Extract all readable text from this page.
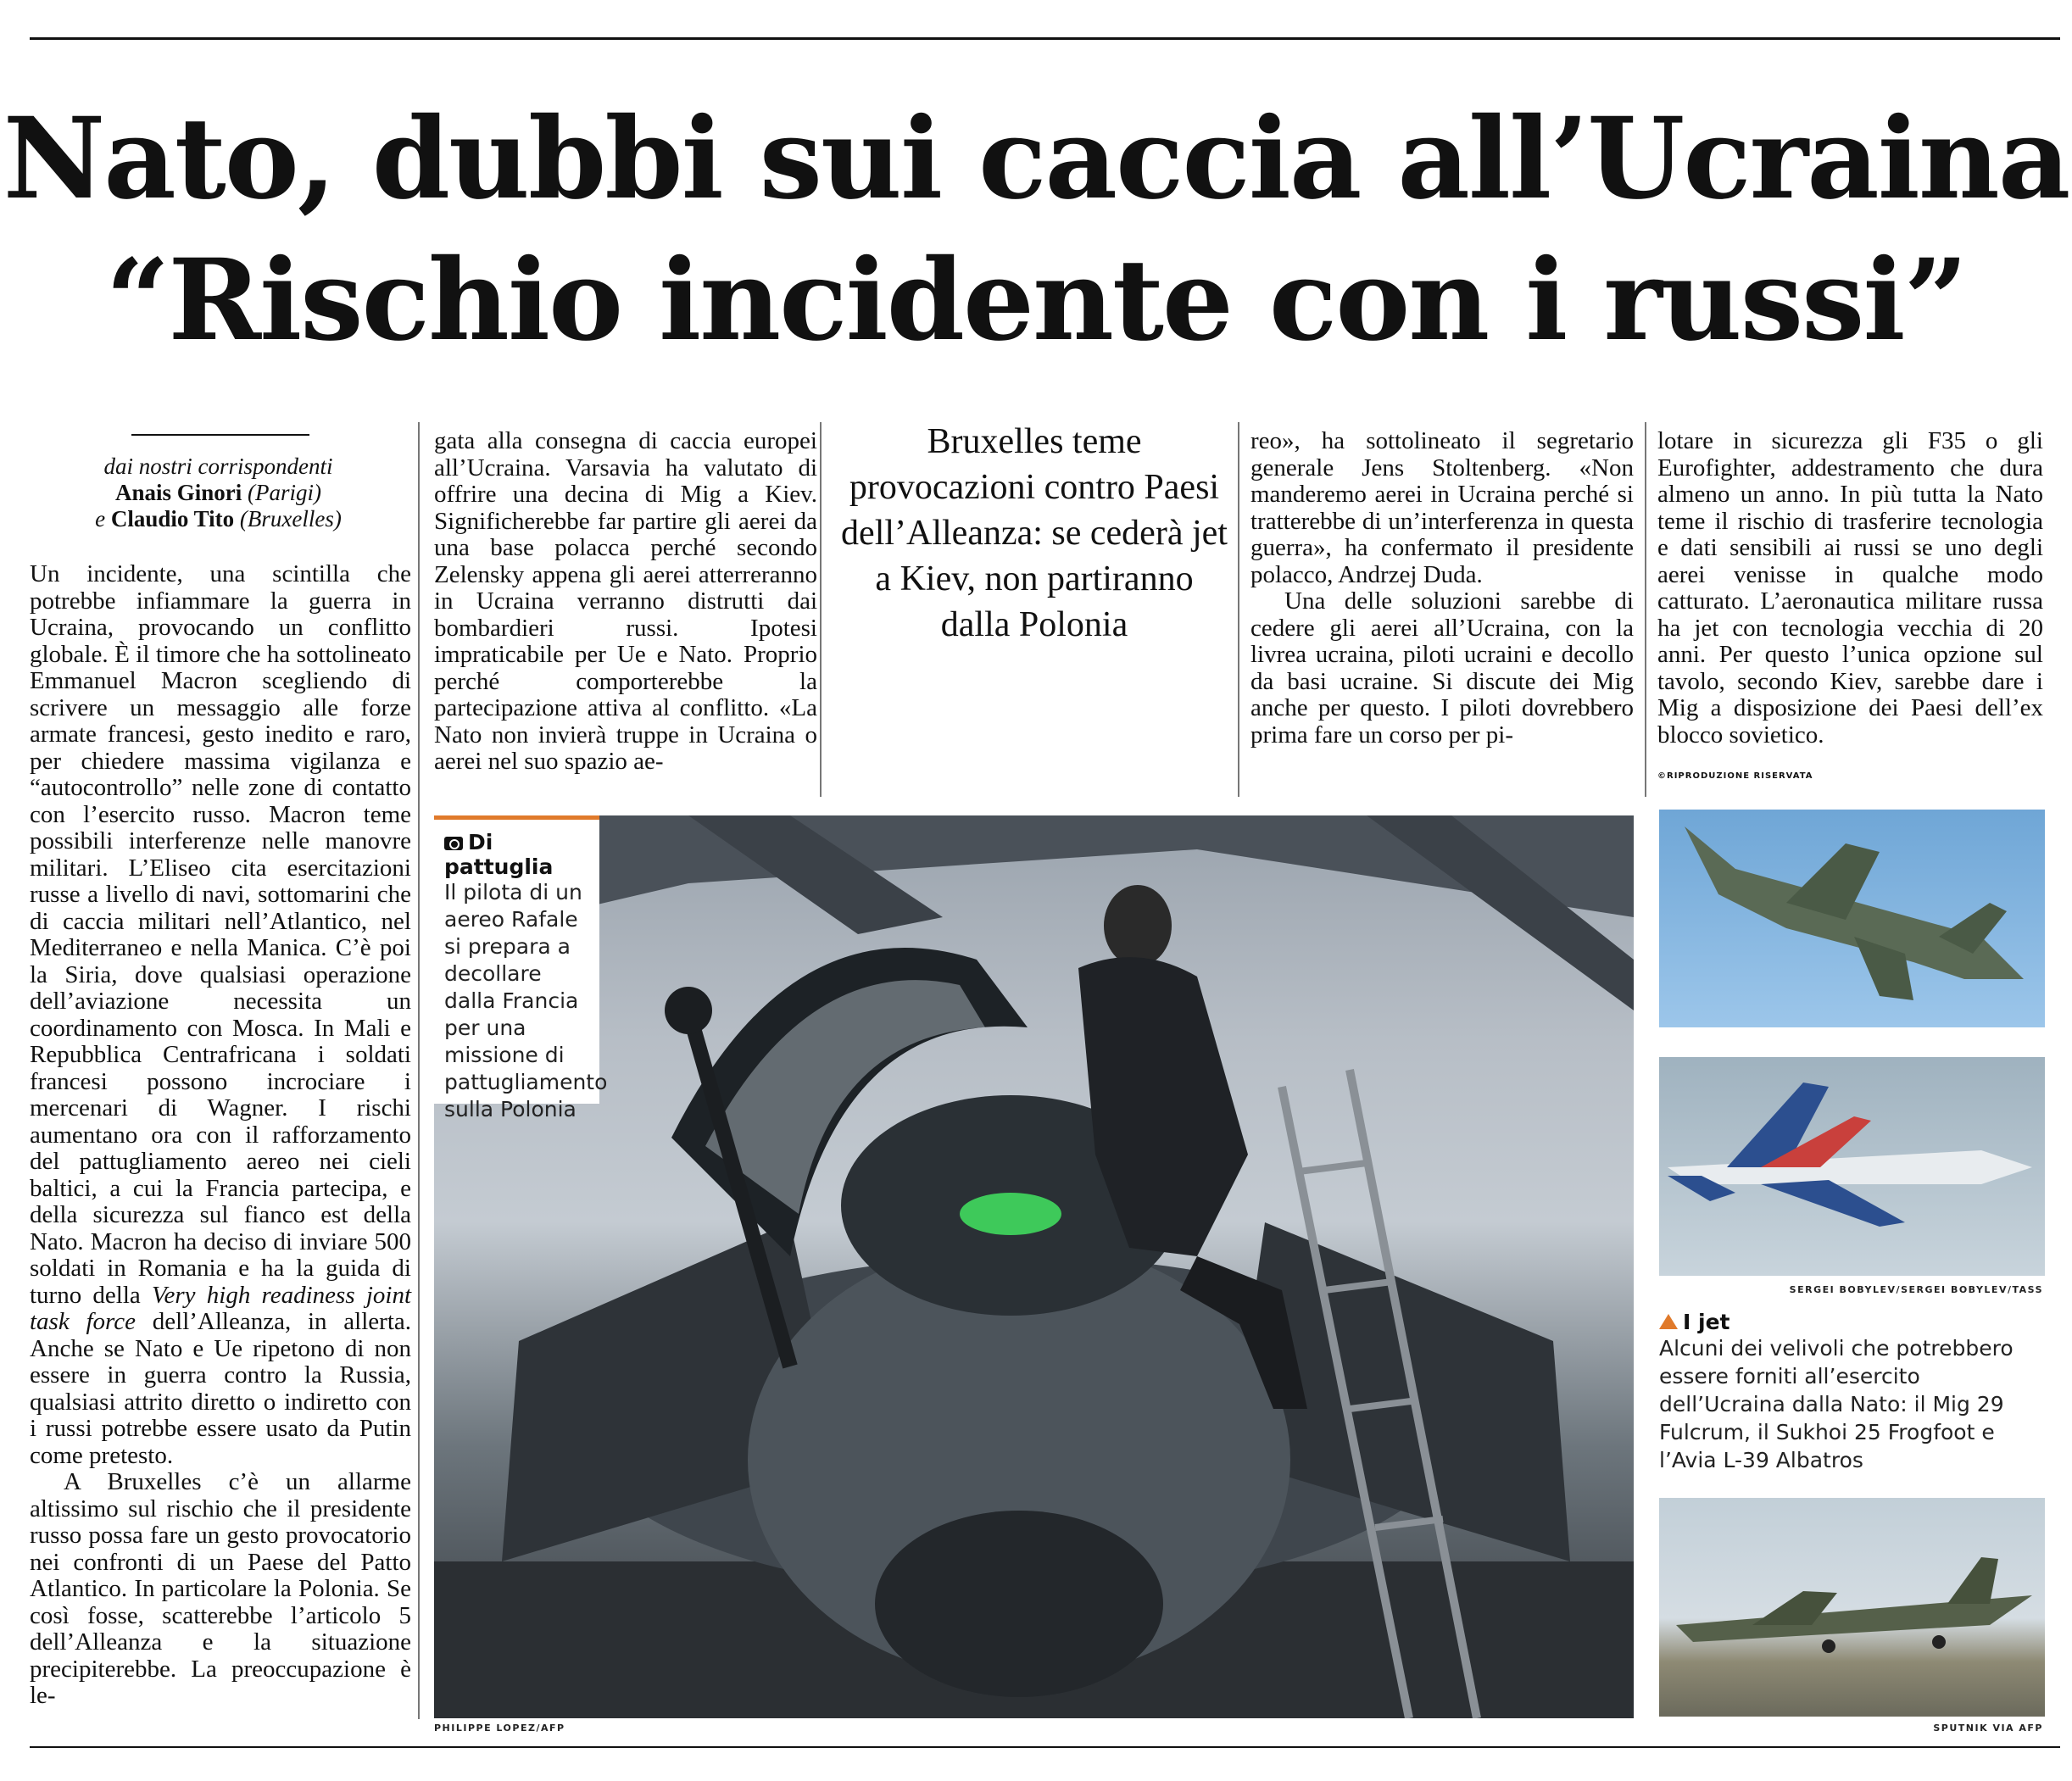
Nato, dubbi sui caccia all’Ucraina
“Rischio incidente con i russi”
dai nostri corrispondenti
Anais Ginori (Parigi)
e Claudio Tito (Bruxelles)

Un incidente, una scintilla che potrebbe infiammare la guerra in Ucraina, provocando un conflitto globale. È il timore che ha sottolineato Emmanuel Macron scegliendo di scrivere un messaggio alle forze armate francesi, gesto inedito e raro, per chiedere massima vigilanza e “autocontrollo” nelle zone di contatto con l’esercito russo. Macron teme possibili interferenze nelle manovre militari. L’Eliseo cita esercitazioni russe a livello di navi, sottomarini che di caccia militari nell’Atlantico, nel Mediterraneo e nella Manica. C’è poi la Siria, dove qualsiasi operazione dell’aviazione necessita un coordinamento con Mosca. In Mali e Repubblica Centrafricana i soldati francesi possono incrociare i mercenari di Wagner. I rischi aumentano ora con il rafforzamento del pattugliamento aereo nei cieli baltici, a cui la Francia partecipa, e della sicurezza sul fianco est della Nato. Macron ha deciso di inviare 500 soldati in Romania e ha la guida di turno della Very high readiness joint task force dell’Alleanza, in allerta. Anche se Nato e Ue ripetono di non essere in guerra contro la Russia, qualsiasi attrito diretto o indiretto con i russi potrebbe essere usato da Putin come pretesto.

A Bruxelles c’è un allarme altissimo sul rischio che il presidente russo possa fare un gesto provocatorio nei confronti di un Paese del Patto Atlantico. In particolare la Polonia. Se così fosse, scatterebbe l’articolo 5 dell’Alleanza e la situazione precipiterebbe. La preoccupazione è le-

gata alla consegna di caccia europei all’Ucraina. Varsavia ha valutato di offrire una decina di Mig a Kiev. Significherebbe far partire gli aerei da una base polacca perché secondo Zelensky appena gli aerei atterreranno in Ucraina verranno distrutti dai bombardieri russi. Ipotesi impraticabile per Ue e Nato. Proprio perché comporterebbe la partecipazione attiva al conflitto. «La Nato non invierà truppe in Ucraina o aerei nel suo spazio ae-

Bruxelles teme provocazioni contro Paesi dell’Alleanza: se cederà jet a Kiev, non partiranno dalla Polonia

reo», ha sottolineato il segretario generale Jens Stoltenberg. «Non manderemo aerei in Ucraina perché si tratterebbe di un’interferenza in questa guerra», ha confermato il presidente polacco, Andrzej Duda.

Una delle soluzioni sarebbe di cedere gli aerei all’Ucraina, con la livrea ucraina, piloti ucraini e decollo da basi ucraine. Si discute dei Mig anche per questo. I piloti dovrebbero prima fare un corso per pi-

lotare in sicurezza gli F35 o gli Eurofighter, addestramento che dura almeno un anno. In più tutta la Nato teme il rischio di trasferire tecnologia e dati sensibili ai russi se uno degli aerei venisse in qualche modo catturato. L’aeronautica militare russa ha jet con tecnologia vecchia di 20 anni. Per questo l’unica opzione sul tavolo, secondo Kiev, sarebbe dare i Mig a disposizione dei Paesi dell’ex blocco sovietico.

©RIPRODUZIONE RISERVATA
Di pattuglia
Il pilota di un aereo Rafale si prepara a decollare dalla Francia per una missione di pattugliamento sulla Polonia
PHILIPPE LOPEZ/AFP
SERGEI BOBYLEV/SERGEI BOBYLEV/TASS
I jet
Alcuni dei velivoli che potrebbero essere forniti all’esercito dell’Ucraina dalla Nato: il Mig 29 Fulcrum, il Sukhoi 25 Frogfoot e l’Avia L-39 Albatros
SPUTNIK VIA AFP
